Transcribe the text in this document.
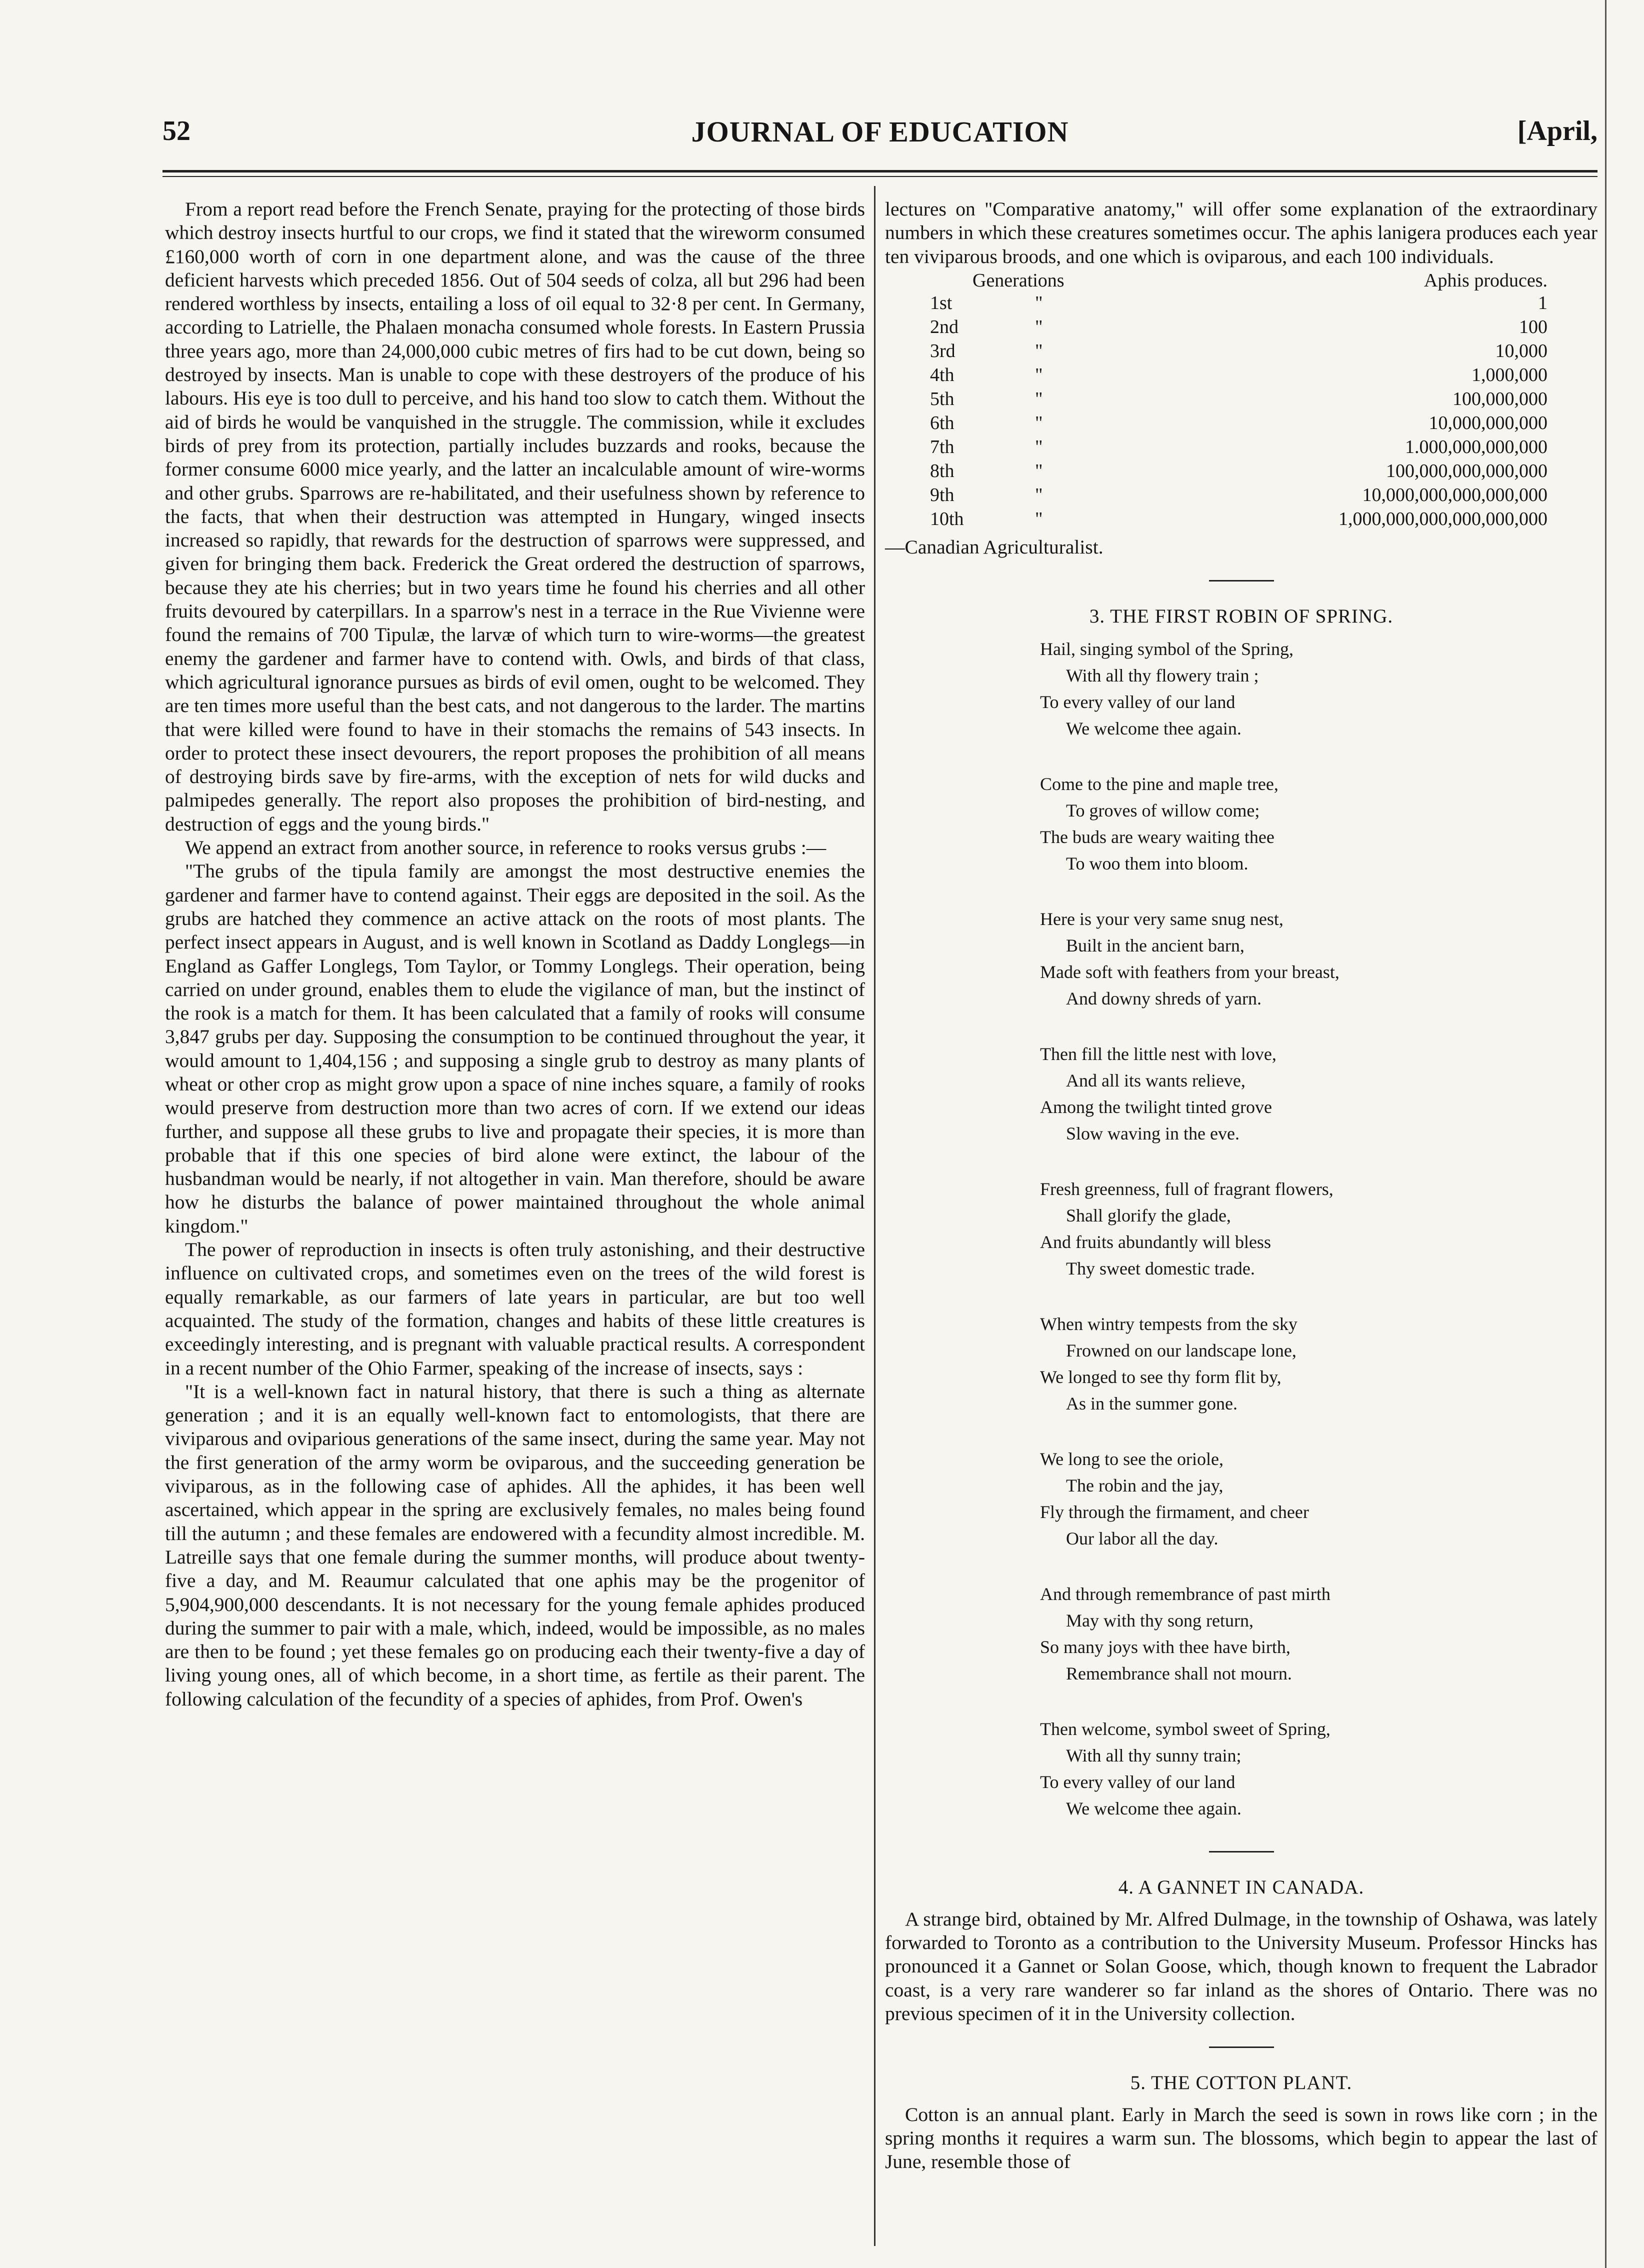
JOURNAL OF EDUCATION
52	[April,

From a report read before the French Senate, praying for the protecting of those birds which destroy insects hurtful to our crops, we find it stated that the wireworm consumed £160,000 worth of corn in one department alone, and was the cause of the three deficient harvests which preceded 1856. Out of 504 seeds of colza, all but 296 had been rendered worthless by insects, entailing a loss of oil equal to 32·8 per cent. In Germany, according to Latrielle, the Phalaen monacha consumed whole forests. In Eastern Prussia three years ago, more than 24,000,000 cubic metres of firs had to be cut down, being so destroyed by insects. Man is unable to cope with these destroyers of the produce of his labours. His eye is too dull to perceive, and his hand too slow to catch them. Without the aid of birds he would be vanquished in the struggle. The commission, while it excludes birds of prey from its protection, partially includes buzzards and rooks, because the former consume 6000 mice yearly, and the latter an incalculable amount of wire-worms and other grubs. Sparrows are re-habilitated, and their usefulness shown by reference to the facts, that when their destruction was attempted in Hungary, winged insects increased so rapidly, that rewards for the destruction of sparrows were suppressed, and given for bringing them back. Frederick the Great ordered the destruction of sparrows, because they ate his cherries; but in two years time he found his cherries and all other fruits devoured by caterpillars. In a sparrow's nest in a terrace in the Rue Vivienne were found the remains of 700 Tipulæ, the larvæ of which turn to wire-worms—the greatest enemy the gardener and farmer have to contend with. Owls, and birds of that class, which agricultural ignorance pursues as birds of evil omen, ought to be welcomed. They are ten times more useful than the best cats, and not dangerous to the larder. The martins that were killed were found to have in their stomachs the remains of 543 insects. In order to protect these insect devourers, the report proposes the prohibition of all means of destroying birds save by fire-arms, with the exception of nets for wild ducks and palmipedes generally. The report also proposes the prohibition of bird-nesting, and destruction of eggs and the young birds."

We append an extract from another source, in reference to rooks versus grubs :—

"The grubs of the tipula family are amongst the most destructive enemies the gardener and farmer have to contend against. Their eggs are deposited in the soil. As the grubs are hatched they commence an active attack on the roots of most plants. The perfect insect appears in August, and is well known in Scotland as Daddy Longlegs—in England as Gaffer Longlegs, Tom Taylor, or Tommy Longlegs. Their operation, being carried on under ground, enables them to elude the vigilance of man, but the instinct of the rook is a match for them. It has been calculated that a family of rooks will consume 3,847 grubs per day. Supposing the consumption to be continued throughout the year, it would amount to 1,404,156 ; and supposing a single grub to destroy as many plants of wheat or other crop as might grow upon a space of nine inches square, a family of rooks would preserve from destruction more than two acres of corn. If we extend our ideas further, and suppose all these grubs to live and propagate their species, it is more than probable that if this one species of bird alone were extinct, the labour of the husbandman would be nearly, if not altogether in vain. Man therefore, should be aware how he disturbs the balance of power maintained throughout the whole animal kingdom."

The power of reproduction in insects is often truly astonishing, and their destructive influence on cultivated crops, and sometimes even on the trees of the wild forest is equally remarkable, as our farmers of late years in particular, are but too well acquainted. The study of the formation, changes and habits of these little creatures is exceedingly interesting, and is pregnant with valuable practical results. A correspondent in a recent number of the Ohio Farmer, speaking of the increase of insects, says :

"It is a well-known fact in natural history, that there is such a thing as alternate generation ; and it is an equally well-known fact to entomologists, that there are viviparous and oviparious generations of the same insect, during the same year. May not the first generation of the army worm be oviparous, and the succeeding generation be viviparous, as in the following case of aphides. All the aphides, it has been well ascertained, which appear in the spring are exclusively females, no males being found till the autumn ; and these females are endowered with a fecundity almost incredible. M. Latreille says that one female during the summer months, will produce about twenty-five a day, and M. Reaumur calculated that one aphis may be the progenitor of 5,904,900,000 descendants. It is not necessary for the young female aphides produced during the summer to pair with a male, which, indeed, would be impossible, as no males are then to be found ; yet these females go on producing each their twenty-five a day of living young ones, all of which become, in a short time, as fertile as their parent. The following calculation of the fecundity of a species of aphides, from Prof. Owen's

lectures on "Comparative anatomy," will offer some explanation of the extraordinary numbers in which these creatures sometimes occur. The aphis lanigera produces each year ten viviparous broods, and one which is oviparous, and each 100 individuals.

Generations	Aphis produces.
1st	"	1
2nd	"	100
3rd	"	10,000
4th	"	1,000,000
5th	"	100,000,000
6th	"	10,000,000,000
7th	"	1.000,000,000,000
8th	"	100,000,000,000,000
9th	"	10,000,000,000,000,000
10th	"	1,000,000,000,000,000,000

—Canadian Agriculturalist.

3. THE FIRST ROBIN OF SPRING.
Hail, singing symbol of the Spring,
With all thy flowery train ;
To every valley of our land
We welcome thee again.
Come to the pine and maple tree,
To groves of willow come;
The buds are weary waiting thee
To woo them into bloom.
Here is your very same snug nest,
Built in the ancient barn,
Made soft with feathers from your breast,
And downy shreds of yarn.
Then fill the little nest with love,
And all its wants relieve,
Among the twilight tinted grove
Slow waving in the eve.
Fresh greenness, full of fragrant flowers,
Shall glorify the glade,
And fruits abundantly will bless
Thy sweet domestic trade.
When wintry tempests from the sky
Frowned on our landscape lone,
We longed to see thy form flit by,
As in the summer gone.
We long to see the oriole,
The robin and the jay,
Fly through the firmament, and cheer
Our labor all the day.
And through remembrance of past mirth
May with thy song return,
So many joys with thee have birth,
Remembrance shall not mourn.
Then welcome, symbol sweet of Spring,
With all thy sunny train;
To every valley of our land
We welcome thee again.
4. A GANNET IN CANADA.

A strange bird, obtained by Mr. Alfred Dulmage, in the township of Oshawa, was lately forwarded to Toronto as a contribution to the University Museum. Professor Hincks has pronounced it a Gannet or Solan Goose, which, though known to frequent the Labrador coast, is a very rare wanderer so far inland as the shores of Ontario. There was no previous specimen of it in the University collection.

5. THE COTTON PLANT.

Cotton is an annual plant. Early in March the seed is sown in rows like corn ; in the spring months it requires a warm sun. The blossoms, which begin to appear the last of June, resemble those of
